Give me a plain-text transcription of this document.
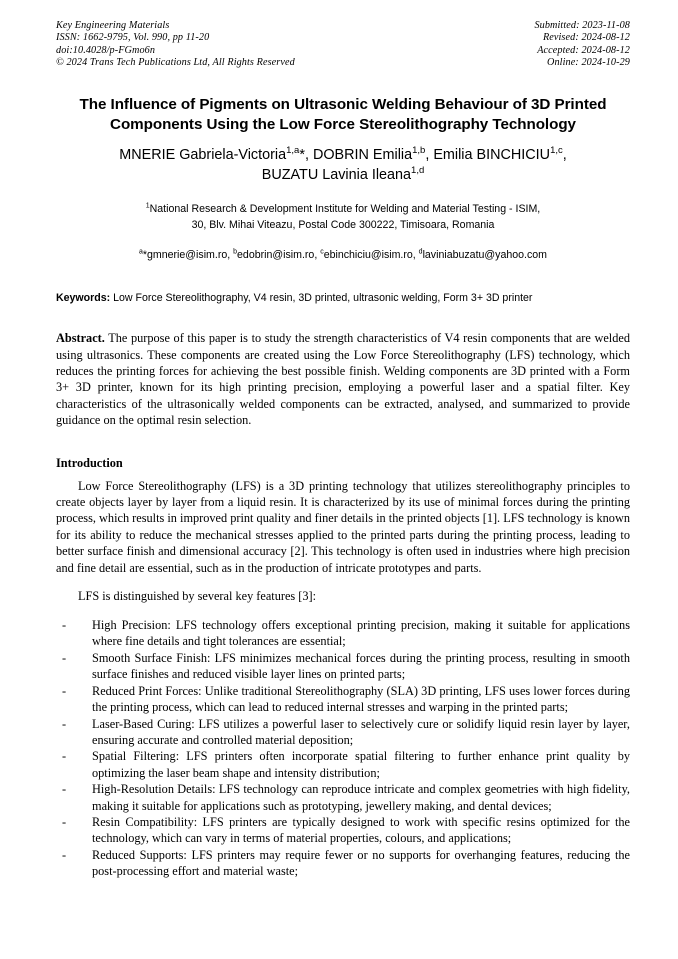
Key Engineering Materials
ISSN: 1662-9795, Vol. 990, pp 11-20
doi:10.4028/p-FGmo6n
© 2024 Trans Tech Publications Ltd, All Rights Reserved
Submitted: 2023-11-08
Revised: 2024-08-12
Accepted: 2024-08-12
Online: 2024-10-29
The Influence of Pigments on Ultrasonic Welding Behaviour of 3D Printed Components Using the Low Force Stereolithography Technology
MNERIE Gabriela-Victoria$^{1,a}$*, DOBRIN Emilia$^{1,b}$, Emilia BINCHICIU$^{1,c}$,
BUZATU Lavinia Ileana$^{1,d}$
$^1$National Research & Development Institute for Welding and Material Testing - ISIM,
30, Blv. Mihai Viteazu, Postal Code 300222, Timisoara, Romania
$^a$*gmnerie@isim.ro, $^b$edobrin@isim.ro, $^c$ebinchiciu@isim.ro, $^d$laviniabuzatu@yahoo.com
Keywords: Low Force Stereolithography, V4 resin, 3D printed, ultrasonic welding, Form 3+ 3D printer
Abstract. The purpose of this paper is to study the strength characteristics of V4 resin components that are welded using ultrasonics. These components are created using the Low Force Stereolithography (LFS) technology, which reduces the printing forces for achieving the best possible finish. Welding components are 3D printed with a Form 3+ 3D printer, known for its high printing precision, employing a powerful laser and a spatial filter. Key characteristics of the ultrasonically welded components can be extracted, analysed, and summarized to provide guidance on the optimal resin selection.
Introduction

Low Force Stereolithography (LFS) is a 3D printing technology that utilizes stereolithography principles to create objects layer by layer from a liquid resin. It is characterized by its use of minimal forces during the printing process, which results in improved print quality and finer details in the printed objects [1]. LFS technology is known for its ability to reduce the mechanical stresses applied to the printed parts during the printing process, leading to better surface finish and dimensional accuracy [2]. This technology is often used in industries where high precision and fine detail are essential, such as in the production of intricate prototypes and parts.

LFS is distinguished by several key features [3]:

- High Precision: LFS technology offers exceptional printing precision, making it suitable for applications where fine details and tight tolerances are essential;
- Smooth Surface Finish: LFS minimizes mechanical forces during the printing process, resulting in smooth surface finishes and reduced visible layer lines on printed parts;
- Reduced Print Forces: Unlike traditional Stereolithography (SLA) 3D printing, LFS uses lower forces during the printing process, which can lead to reduced internal stresses and warping in the printed parts;
- Laser-Based Curing: LFS utilizes a powerful laser to selectively cure or solidify liquid resin layer by layer, ensuring accurate and controlled material deposition;
- Spatial Filtering: LFS printers often incorporate spatial filtering to further enhance print quality by optimizing the laser beam shape and intensity distribution;
- High-Resolution Details: LFS technology can reproduce intricate and complex geometries with high fidelity, making it suitable for applications such as prototyping, jewellery making, and dental devices;
- Resin Compatibility: LFS printers are typically designed to work with specific resins optimized for the technology, which can vary in terms of material properties, colours, and applications;
- Reduced Supports: LFS printers may require fewer or no supports for overhanging features, reducing the post-processing effort and material waste;
